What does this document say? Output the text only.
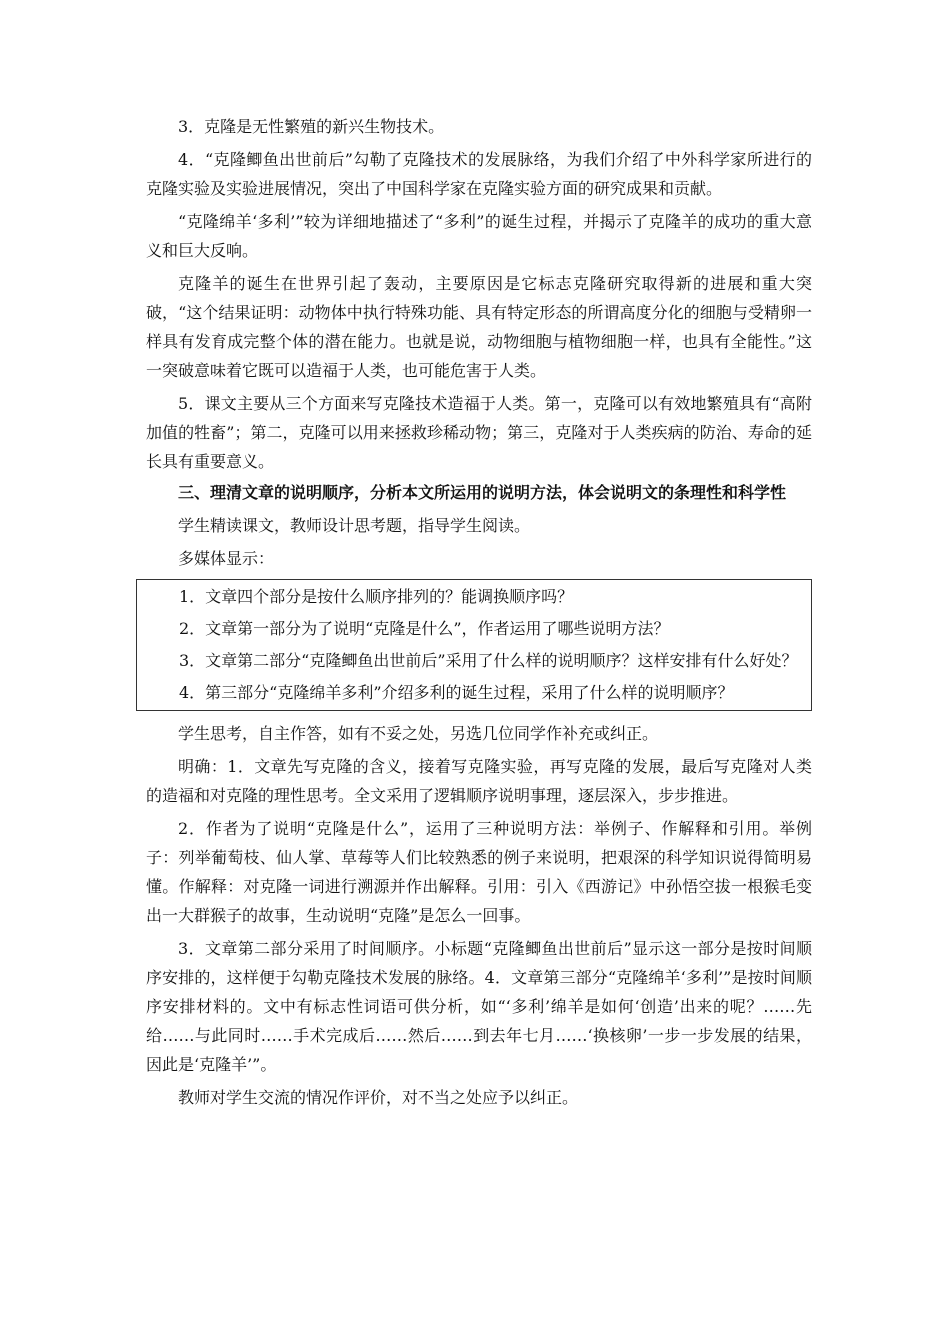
3．克隆是无性繁殖的新兴生物技术。

4．“克隆鲫鱼出世前后”勾勒了克隆技术的发展脉络，为我们介绍了中外科学家所进行的克隆实验及实验进展情况，突出了中国科学家在克隆实验方面的研究成果和贡献。

“克隆绵羊‘多利’”较为详细地描述了“多利”的诞生过程，并揭示了克隆羊的成功的重大意义和巨大反响。

克隆羊的诞生在世界引起了轰动，主要原因是它标志克隆研究取得新的进展和重大突破，“这个结果证明：动物体中执行特殊功能、具有特定形态的所谓高度分化的细胞与受精卵一样具有发育成完整个体的潜在能力。也就是说，动物细胞与植物细胞一样，也具有全能性。”这一突破意味着它既可以造福于人类，也可能危害于人类。

5．课文主要从三个方面来写克隆技术造福于人类。第一，克隆可以有效地繁殖具有“高附加值的牲畜”；第二，克隆可以用来拯救珍稀动物；第三，克隆对于人类疾病的防治、寿命的延长具有重要意义。

三、理清文章的说明顺序，分析本文所运用的说明方法，体会说明文的条理性和科学性

学生精读课文，教师设计思考题，指导学生阅读。

多媒体显示：

1．文章四个部分是按什么顺序排列的？能调换顺序吗？

2．文章第一部分为了说明“克隆是什么”，作者运用了哪些说明方法？

3．文章第二部分“克隆鲫鱼出世前后”采用了什么样的说明顺序？这样安排有什么好处？

4．第三部分“克隆绵羊多利”介绍多利的诞生过程，采用了什么样的说明顺序？

学生思考，自主作答，如有不妥之处，另选几位同学作补充或纠正。

明确：1．文章先写克隆的含义，接着写克隆实验，再写克隆的发展，最后写克隆对人类的造福和对克隆的理性思考。全文采用了逻辑顺序说明事理，逐层深入，步步推进。

2．作者为了说明“克隆是什么”，运用了三种说明方法：举例子、作解释和引用。举例子：列举葡萄枝、仙人掌、草莓等人们比较熟悉的例子来说明，把艰深的科学知识说得简明易懂。作解释：对克隆一词进行溯源并作出解释。引用：引入《西游记》中孙悟空拔一根猴毛变出一大群猴子的故事，生动说明“克隆”是怎么一回事。

3．文章第二部分采用了时间顺序。小标题“克隆鲫鱼出世前后”显示这一部分是按时间顺序安排的，这样便于勾勒克隆技术发展的脉络。4．文章第三部分“克隆绵羊‘多利’”是按时间顺序安排材料的。文中有标志性词语可供分析，如“‘多利’绵羊是如何‘创造’出来的呢？……先给……与此同时……手术完成后……然后……到去年七月……‘换核卵’一步一步发展的结果，因此是‘克隆羊’”。

教师对学生交流的情况作评价，对不当之处应予以纠正。
